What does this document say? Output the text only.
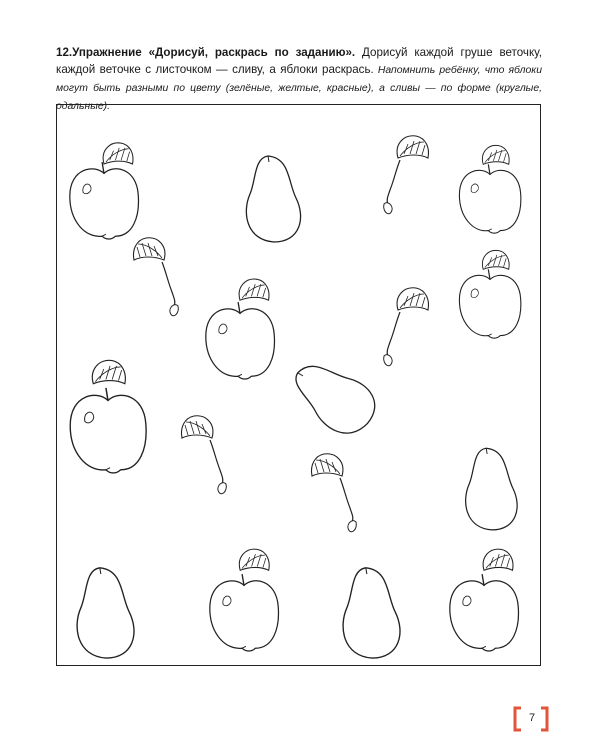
12.Упражнение «Дорисуй, раскрась по заданию». Дорисуй каждой груше веточку, каждой веточке с листочком — сливу, а яблоки раскрась. Напомнить ребёнку, что яблоки могут быть разными по цвету (зелёные, желтые, красные), а сливы — по форме (круглые, одальные).
7
